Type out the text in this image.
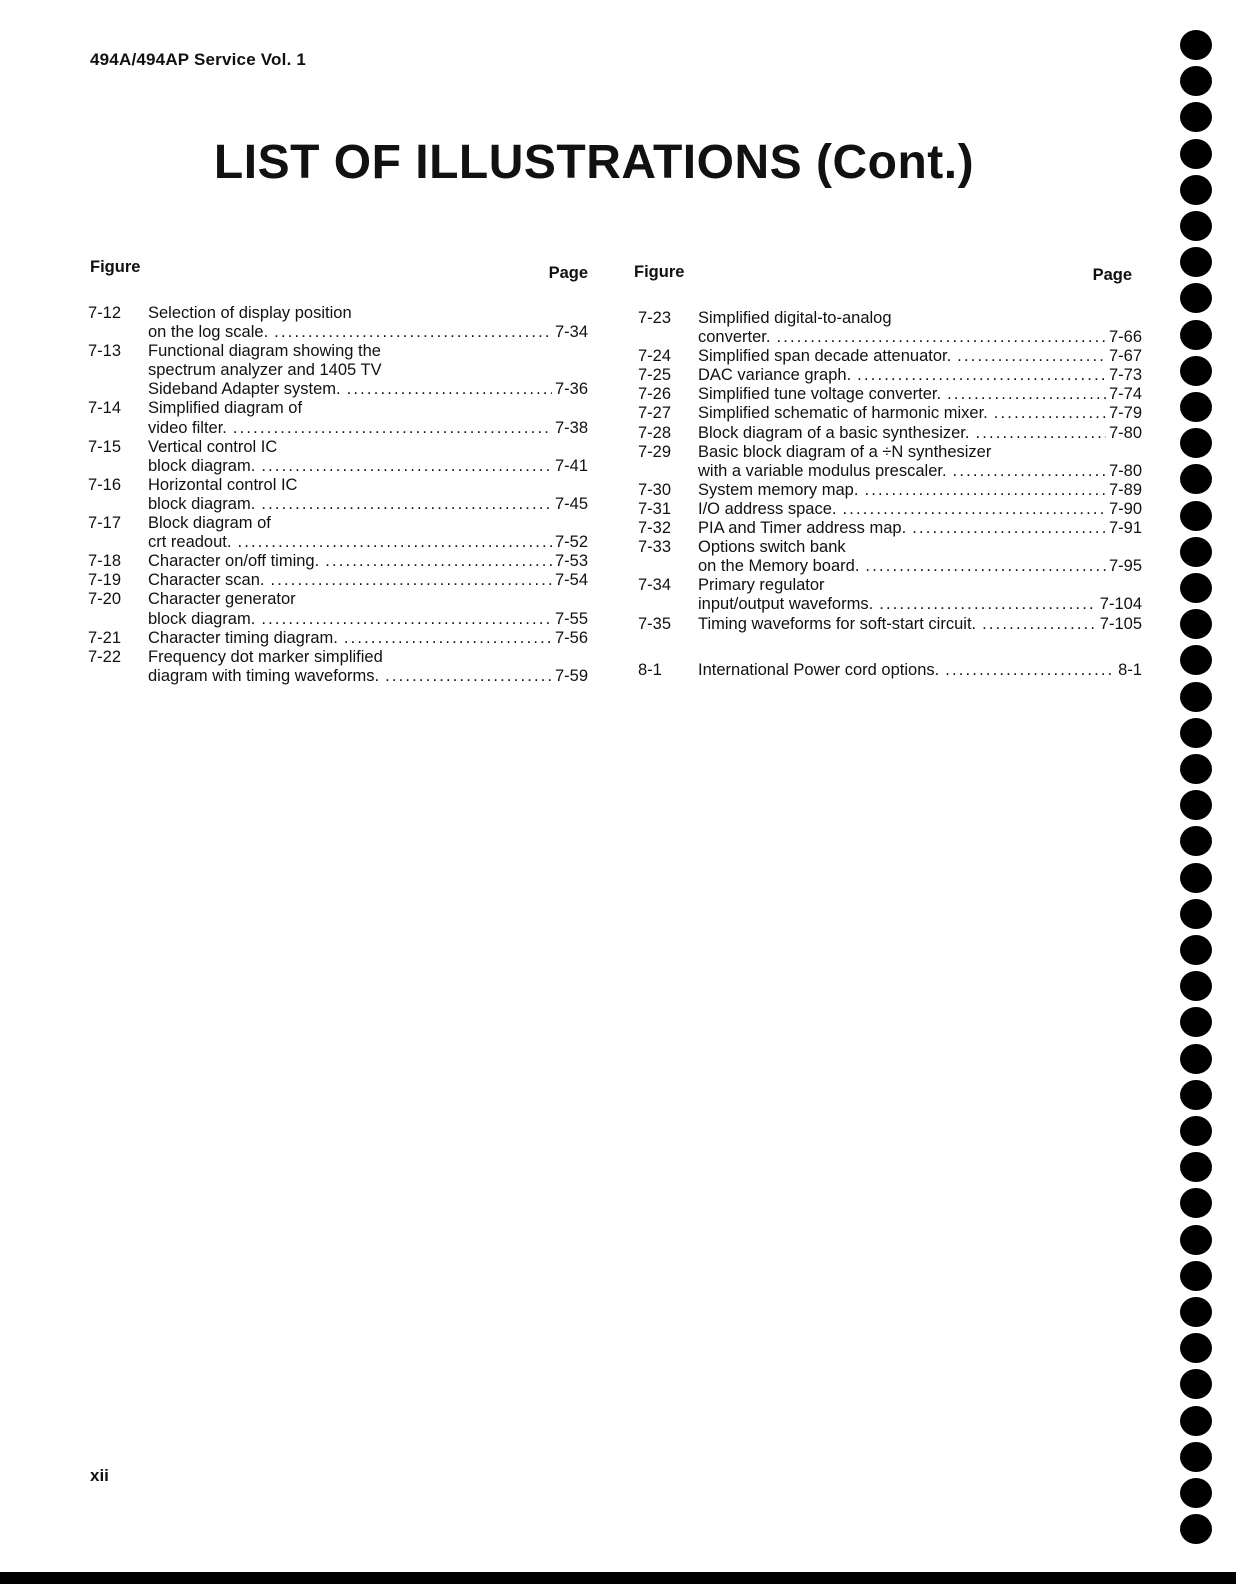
494A/494AP Service Vol. 1
LIST OF ILLUSTRATIONS (Cont.)
Figure	Page
7-12 Selection of display position
on the log scale. . . .	7-34
7-13 Functional diagram showing the
spectrum analyzer and 1405 TV
Sideband Adapter system. . . .	7-36
7-14 Simplified diagram of
video filter. . . .	7-38
7-15 Vertical control IC
block diagram. . . .	7-41
7-16 Horizontal control IC
block diagram. . . .	7-45
7-17 Block diagram of
crt readout. . . .	7-52
7-18 Character on/off timing. . . .	7-53
7-19 Character scan. . . .	7-54
7-20 Character generator
block diagram. . . .	7-55
7-21 Character timing diagram. . . .	7-56
7-22 Frequency dot marker simplified
diagram with timing waveforms. . . .	7-59
Figure	Page
7-23 Simplified digital-to-analog
converter. . . .	7-66
7-24 Simplified span decade attenuator. . . .	7-67
7-25 DAC variance graph. . . .	7-73
7-26 Simplified tune voltage converter. . . .	7-74
7-27 Simplified schematic of harmonic mixer. . . .	7-79
7-28 Block diagram of a basic synthesizer. . . .	7-80
7-29 Basic block diagram of a ÷N synthesizer
with a variable modulus prescaler. . . .	7-80
7-30 System memory map. . . .	7-89
7-31 I/O address space. . . .	7-90
7-32 PIA and Timer address map. . . .	7-91
7-33 Options switch bank
on the Memory board. . . .	7-95
7-34 Primary regulator
input/output waveforms. . . .	7-104
7-35 Timing waveforms for soft-start circuit. . . .	7-105
8-1 International Power cord options. . . .	8-1
xii
